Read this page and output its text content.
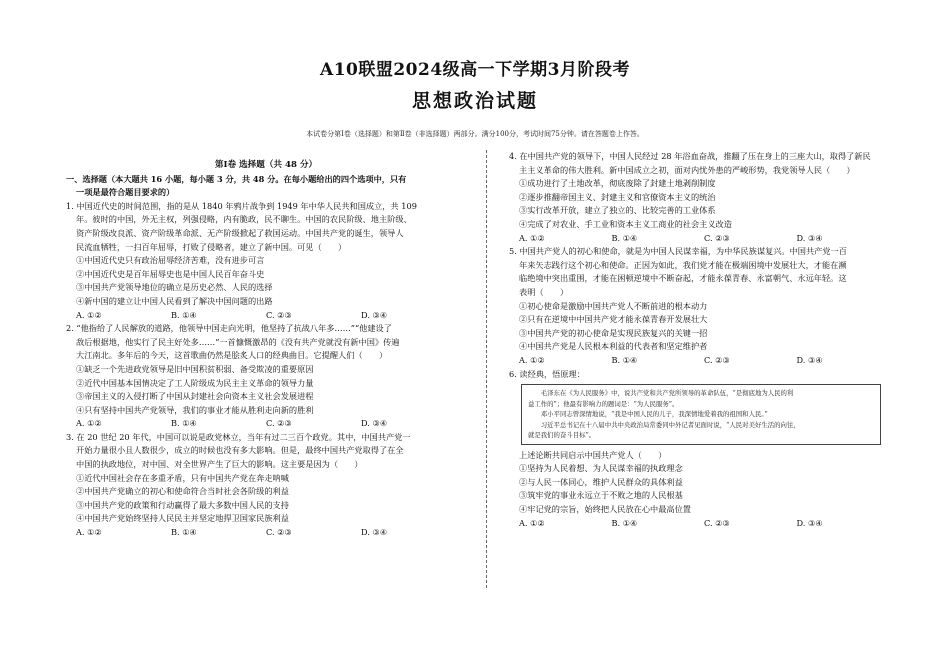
A10联盟2024级高一下学期3月阶段考
思想政治试题
本试卷分第Ⅰ卷（选择题）和第Ⅱ卷（非选择题）两部分。满分100分，考试时间75分钟。请在答题卷上作答。
第Ⅰ卷 选择题（共 48 分）
一、选择题（本大题共 16 小题，每小题 3 分，共 48 分。在每小题给出的四个选项中，只有
一项是最符合题目要求的）
1. 中国近代史的时间范围，指的是从 1840 年鸦片战争到 1949 年中华人民共和国成立，共 109
年。彼时的中国，外无主权，列强侵略，内有脆政，民不聊生。中国的农民阶级、地主阶级、
资产阶级改良派、资产阶级革命派、无产阶级掀起了救国运动。中国共产党的诞生，领导人
民流血牺牲，一扫百年屈辱，打败了侵略者，建立了新中国。可见（　　）
①中国近代史只有政治屈辱经济苦难，没有进步可言
②中国近代史是百年屈辱史也是中国人民百年奋斗史
③中国共产党领导地位的确立是历史必然、人民的选择
④新中国的建立让中国人民看到了解决中国问题的出路
A. ①②	B. ①④	C. ②③	D. ③④
2. “他指给了人民解放的道路，他领导中国走向光明，他坚持了抗战八年多……”“他建设了
敌后根据地，他实行了民主好处多……”一首慷慨激昂的《没有共产党就没有新中国》传遍
大江南北。多年后的今天，这首歌曲仍然是脍炙人口的经典曲目。它提醒人们（　　）
①缺乏一个先进政党领导是旧中国积贫积弱、备受欺凌的重要原因
②近代中国基本国情决定了工人阶级成为民主主义革命的领导力量
③帝国主义的入侵打断了中国从封建社会向资本主义社会发展进程
④只有坚持中国共产党领导，我们的事业才能从胜利走向新的胜利
A. ①②	B. ①④	C. ②③	D. ③④
3. 在 20 世纪 20 年代，中国可以说是政党林立，当年有过二三百个政党。其中，中国共产党一
开始力量很小且人数很少，成立的时候也没有多大影响。但是，最终中国共产党取得了在全
中国的执政地位，对中国、对全世界产生了巨大的影响。这主要是因为（　　）
①近代中国社会存在多重矛盾，只有中国共产党在奔走呐喊
②中国共产党确立的初心和使命符合当时社会各阶级的利益
③中国共产党的政策和行动赢得了最大多数中国人民的支持
④中国共产党始终坚持人民民主并坚定地捍卫国家民族利益
A. ①②	B. ①④	C. ②③	D. ③④
4. 在中国共产党的领导下，中国人民经过 28 年浴血奋战，推翻了压在身上的三座大山，取得了新民
主主义革命的伟大胜利。新中国成立之初，面对内忧外患的严峻形势，我党领导人民（　　）
①成功进行了土地改革，彻底废除了封建土地剥削制度
②逐步推翻帝国主义、封建主义和官僚资本主义的统治
③实行改革开放，建立了独立的、比较完善的工业体系
④完成了对农业、手工业和资本主义工商业的社会主义改造
A. ①②	B. ①④	C. ②③	D. ③④
5. 中国共产党人的初心和使命，就是为中国人民谋幸福，为中华民族谋复兴。中国共产党一百
年来矢志践行这个初心和使命。正因为如此，我们党才能在极端困境中发展壮大，才能在濒
临绝境中突出重围，才能在困顿逆境中不断奋起，才能永葆青春、永富朝气、永远年轻。这
表明（　　）
①初心使命是激励中国共产党人不断前进的根本动力
②只有在逆境中中国共产党才能永葆青春开发展壮大
③中国共产党的初心使命是实现民族复兴的关键一招
④中国共产党是人民根本利益的代表者和坚定维护者
A. ①②	B. ①④	C. ②③	D. ③④
6. 读经典，悟原理：
毛泽东在《为人民服务》中，说共产党和共产党所领导的革命队伍，“是彻底地为人民的利
益工作的”；他最有影响力的题词是：“为人民服务”。
邓小平同志曾深情地说，“我是中国人民的儿子，我深情地爱着我的祖国和人民。”
习近平总书记在十八届中共中央政治局常委同中外记者见面时说，“人民对美好生活的向往，
就是我们的奋斗目标”。
上述论断共同启示中国共产党人（　　）
①坚持为人民着想、为人民谋幸福的执政理念
②与人民一体同心，维护人民群众的具体利益
③筑牢党的事业永远立于不败之地的人民根基
④牢记党的宗旨，始终把人民放在心中最高位置
A. ①②	B. ①④	C. ②③	D. ③④
